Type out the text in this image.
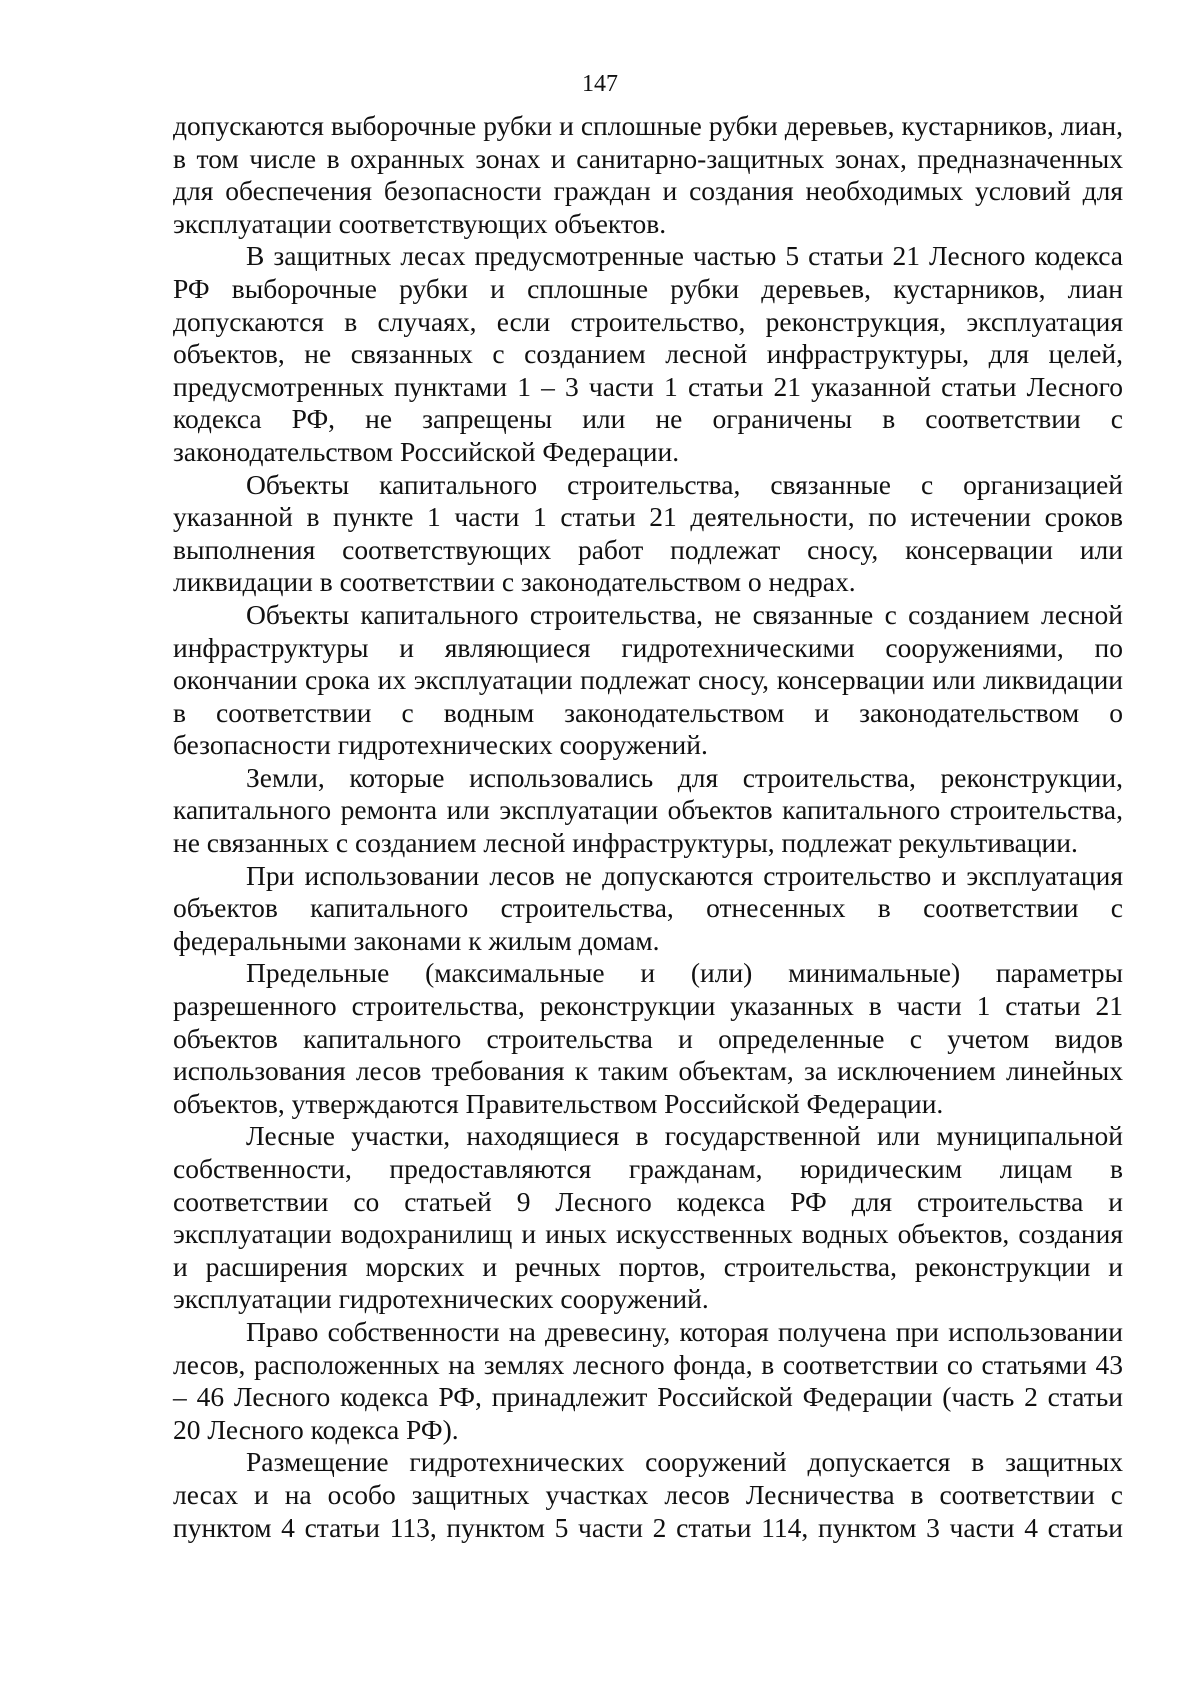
147

допускаются выборочные рубки и сплошные рубки деревьев, кустарников, лиан, в том числе в охранных зонах и санитарно-защитных зонах, предназначенных для обеспечения безопасности граждан и создания необходимых условий для эксплуатации соответствующих объектов.

В защитных лесах предусмотренные частью 5 статьи 21 Лесного кодекса РФ выборочные рубки и сплошные рубки деревьев, кустарников, лиан допускаются в случаях, если строительство, реконструкция, эксплуатация объектов, не связанных с созданием лесной инфраструктуры, для целей, предусмотренных пунктами 1 – 3 части 1 статьи 21 указанной статьи Лесного кодекса РФ, не запрещены или не ограничены в соответствии с законодательством Российской Федерации.

Объекты капитального строительства, связанные с организацией указанной в пункте 1 части 1 статьи 21 деятельности, по истечении сроков выполнения соответствующих работ подлежат сносу, консервации или ликвидации в соответствии с законодательством о недрах.

Объекты капитального строительства, не связанные с созданием лесной инфраструктуры и являющиеся гидротехническими сооружениями, по окончании срока их эксплуатации подлежат сносу, консервации или ликвидации в соответствии с водным законодательством и законодательством о безопасности гидротехнических сооружений.

Земли, которые использовались для строительства, реконструкции, капитального ремонта или эксплуатации объектов капитального строительства, не связанных с созданием лесной инфраструктуры, подлежат рекультивации.

При использовании лесов не допускаются строительство и эксплуатация объектов капитального строительства, отнесенных в соответствии с федеральными законами к жилым домам.

Предельные (максимальные и (или) минимальные) параметры разрешенного строительства, реконструкции указанных в части 1 статьи 21 объектов капитального строительства и определенные с учетом видов использования лесов требования к таким объектам, за исключением линейных объектов, утверждаются Правительством Российской Федерации.

Лесные участки, находящиеся в государственной или муниципальной собственности, предоставляются гражданам, юридическим лицам в соответствии со статьей 9 Лесного кодекса РФ для строительства и эксплуатации водохранилищ и иных искусственных водных объектов, создания и расширения морских и речных портов, строительства, реконструкции и эксплуатации гидротехнических сооружений.

Право собственности на древесину, которая получена при использовании лесов, расположенных на землях лесного фонда, в соответствии со статьями 43 – 46 Лесного кодекса РФ, принадлежит Российской Федерации (часть 2 статьи 20 Лесного кодекса РФ).

Размещение гидротехнических сооружений допускается в защитных лесах и на особо защитных участках лесов Лесничества в соответствии с пунктом 4 статьи 113, пунктом 5 части 2 статьи 114, пунктом 3 части 4 статьи
